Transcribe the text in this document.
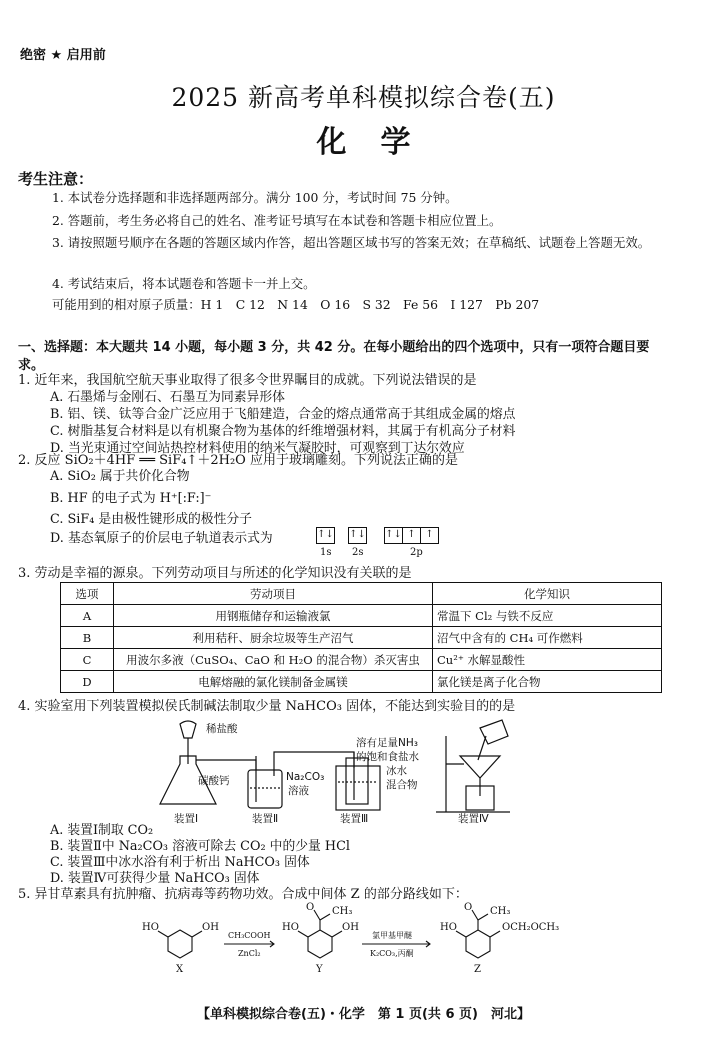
绝密 ★ 启用前
2025 新高考单科模拟综合卷(五)
化学
考生注意：
1. 本试卷分选择题和非选择题两部分。满分 100 分，考试时间 75 分钟。
2. 答题前，考生务必将自己的姓名、准考证号填写在本试卷和答题卡相应位置上。
3. 请按照题号顺序在各题的答题区域内作答，超出答题区域书写的答案无效；在草稿纸、试题卷上答题无效。
4. 考试结束后，将本试题卷和答题卡一并上交。
可能用到的相对原子质量：H 1　C 12　N 14　O 16　S 32　Fe 56　I 127　Pb 207
一、选择题：本大题共 14 小题，每小题 3 分，共 42 分。在每小题给出的四个选项中，只有一项符合题目要求。
1. 近年来，我国航空航天事业取得了很多令世界瞩目的成就。下列说法错误的是
A. 石墨烯与金刚石、石墨互为同素异形体
B. 铝、镁、钛等合金广泛应用于飞船建造，合金的熔点通常高于其组成金属的熔点
C. 树脂基复合材料是以有机聚合物为基体的纤维增强材料，其属于有机高分子材料
D. 当光束通过空间站热控材料使用的纳米气凝胶时，可观察到丁达尔效应
2. 反应 SiO₂＋4HF ══ SiF₄↑＋2H₂O 应用于玻璃雕刻。下列说法正确的是
A. SiO₂ 属于共价化合物
B. HF 的电子式为 H⁺[:F:]⁻
C. SiF₄ 是由极性键形成的极性分子
D. 基态氧原子的价层电子轨道表示式为	↑↓ ↑↓ ↑↓ ↑ ↑
1s 2s	2p
3. 劳动是幸福的源泉。下列劳动项目与所述的化学知识没有关联的是
选项	劳动项目	化学知识
A	用钢瓶储存和运输液氯	常温下 Cl₂ 与铁不反应
B	利用秸秆、厨余垃圾等生产沼气	沼气中含有的 CH₄ 可作燃料
C	用波尔多液（CuSO₄、CaO 和 H₂O 的混合物）杀灭害虫	Cu²⁺ 水解显酸性
D	电解熔融的氯化镁制备金属镁	氯化镁是离子化合物
4. 实验室用下列装置模拟侯氏制碱法制取少量 NaHCO₃ 固体，不能达到实验目的的是
稀盐酸
碳酸钙	Na₂CO₃
溶液
溶有足量NH₃
的饱和食盐水
冰水
混合物
装置Ⅰ	装置Ⅱ	装置Ⅲ	装置Ⅳ
A. 装置Ⅰ制取 CO₂
B. 装置Ⅱ中 Na₂CO₃ 溶液可除去 CO₂ 中的少量 HCl
C. 装置Ⅲ中冰水浴有利于析出 NaHCO₃ 固体
D. 装置Ⅳ可获得少量 NaHCO₃ 固体
5. 异甘草素具有抗肿瘤、抗病毒等药物功效。合成中间体 Z 的部分路线如下：
HO	OH
X
CH₃COOH
ZnCl₂
HO	OH
O CH₃
Y
氯甲基甲醚
K₂CO₃,丙酮
HO	OCH₂OCH₃
O CH₃
Z
【单科模拟综合卷(五)・化学　第 1 页(共 6 页)　河北】
